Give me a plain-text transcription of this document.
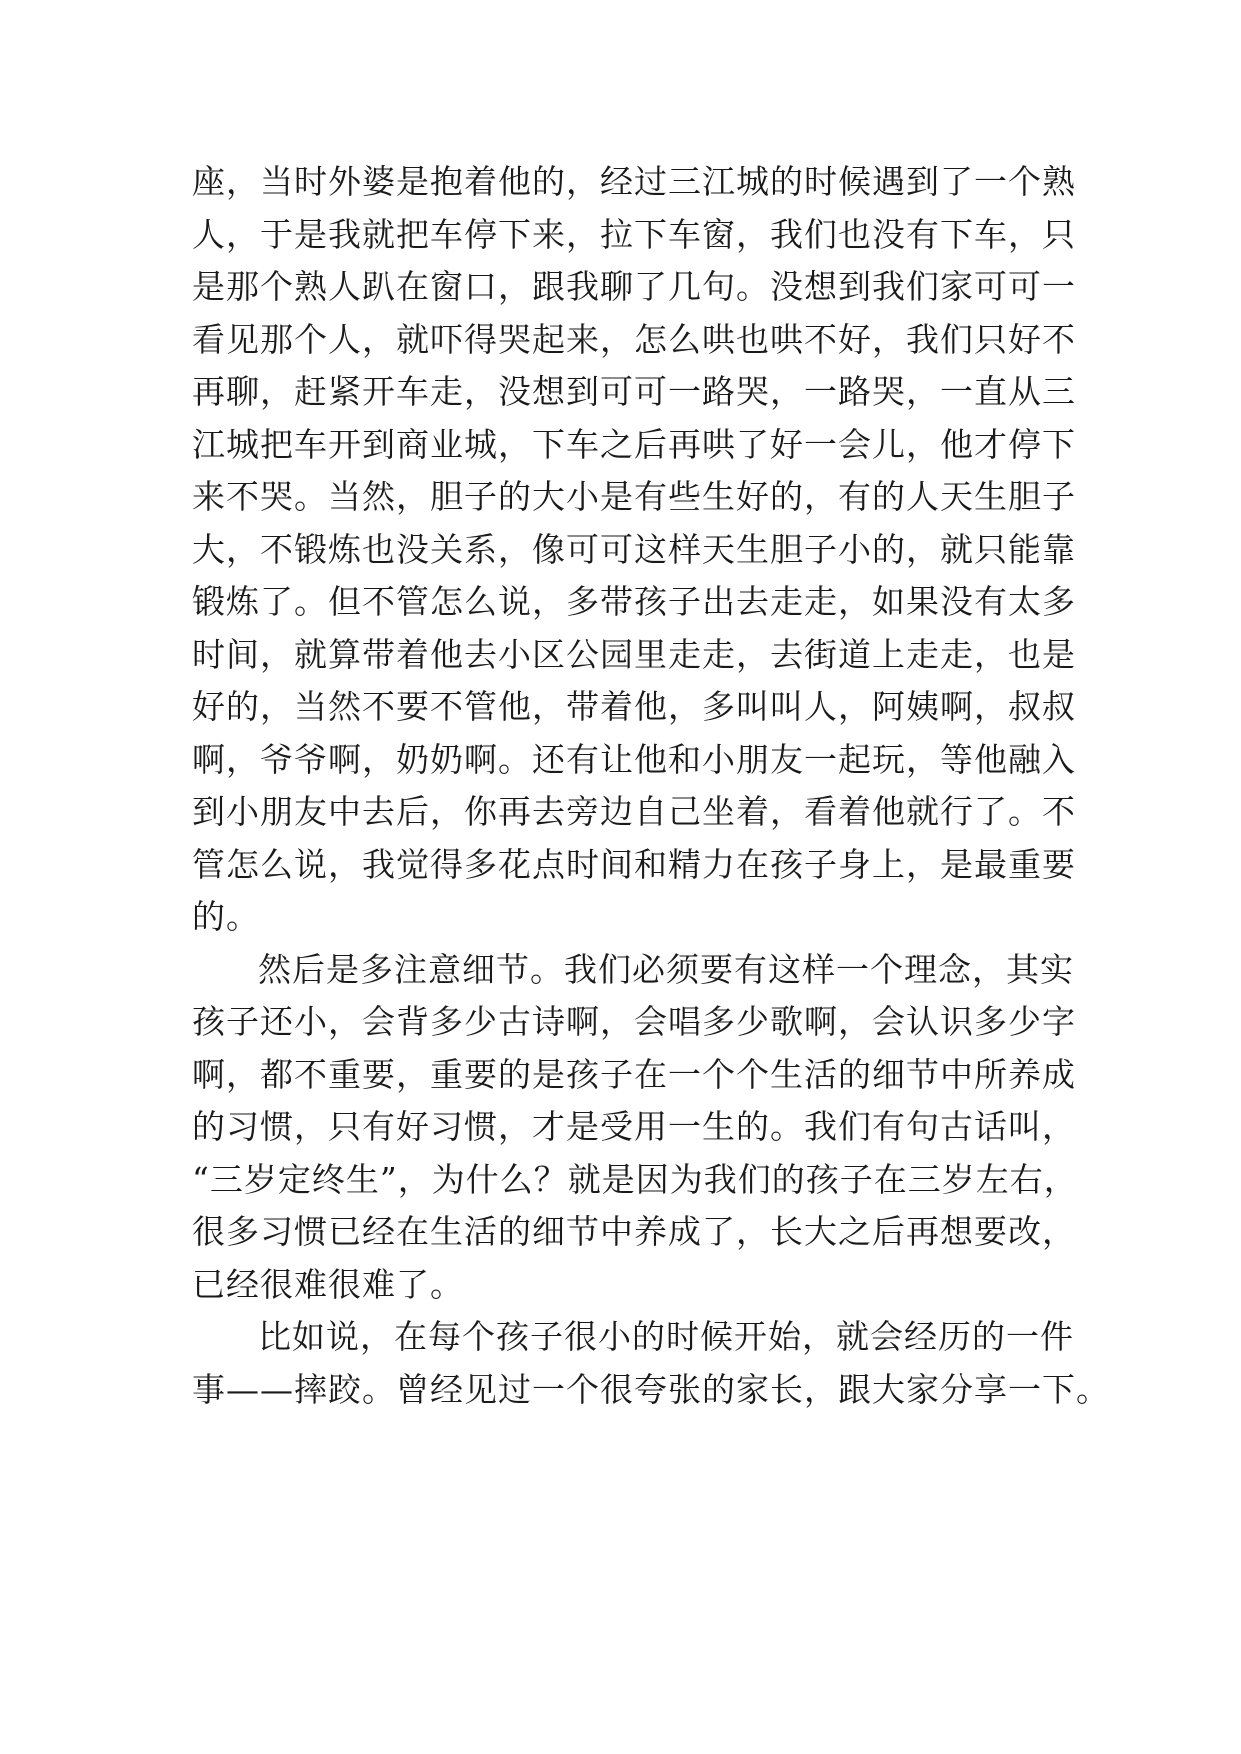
座，当时外婆是抱着他的，经过三江城的时候遇到了一个熟
人，于是我就把车停下来，拉下车窗，我们也没有下车，只
是那个熟人趴在窗口，跟我聊了几句。没想到我们家可可一
看见那个人，就吓得哭起来，怎么哄也哄不好，我们只好不
再聊，赶紧开车走，没想到可可一路哭，一路哭，一直从三
江城把车开到商业城，下车之后再哄了好一会儿，他才停下
来不哭。当然，胆子的大小是有些生好的，有的人天生胆子
大，不锻炼也没关系，像可可这样天生胆子小的，就只能靠
锻炼了。但不管怎么说，多带孩子出去走走，如果没有太多
时间，就算带着他去小区公园里走走，去街道上走走，也是
好的，当然不要不管他，带着他，多叫叫人，阿姨啊，叔叔
啊，爷爷啊，奶奶啊。还有让他和小朋友一起玩，等他融入
到小朋友中去后，你再去旁边自己坐着，看着他就行了。不
管怎么说，我觉得多花点时间和精力在孩子身上，是最重要
的。
然后是多注意细节。我们必须要有这样一个理念，其实
孩子还小，会背多少古诗啊，会唱多少歌啊，会认识多少字
啊，都不重要，重要的是孩子在一个个生活的细节中所养成
的习惯，只有好习惯，才是受用一生的。我们有句古话叫，
“三岁定终生”，为什么？就是因为我们的孩子在三岁左右，
很多习惯已经在生活的细节中养成了，长大之后再想要改，
已经很难很难了。
比如说，在每个孩子很小的时候开始，就会经历的一件
事——摔跤。曾经见过一个很夸张的家长，跟大家分享一下。
